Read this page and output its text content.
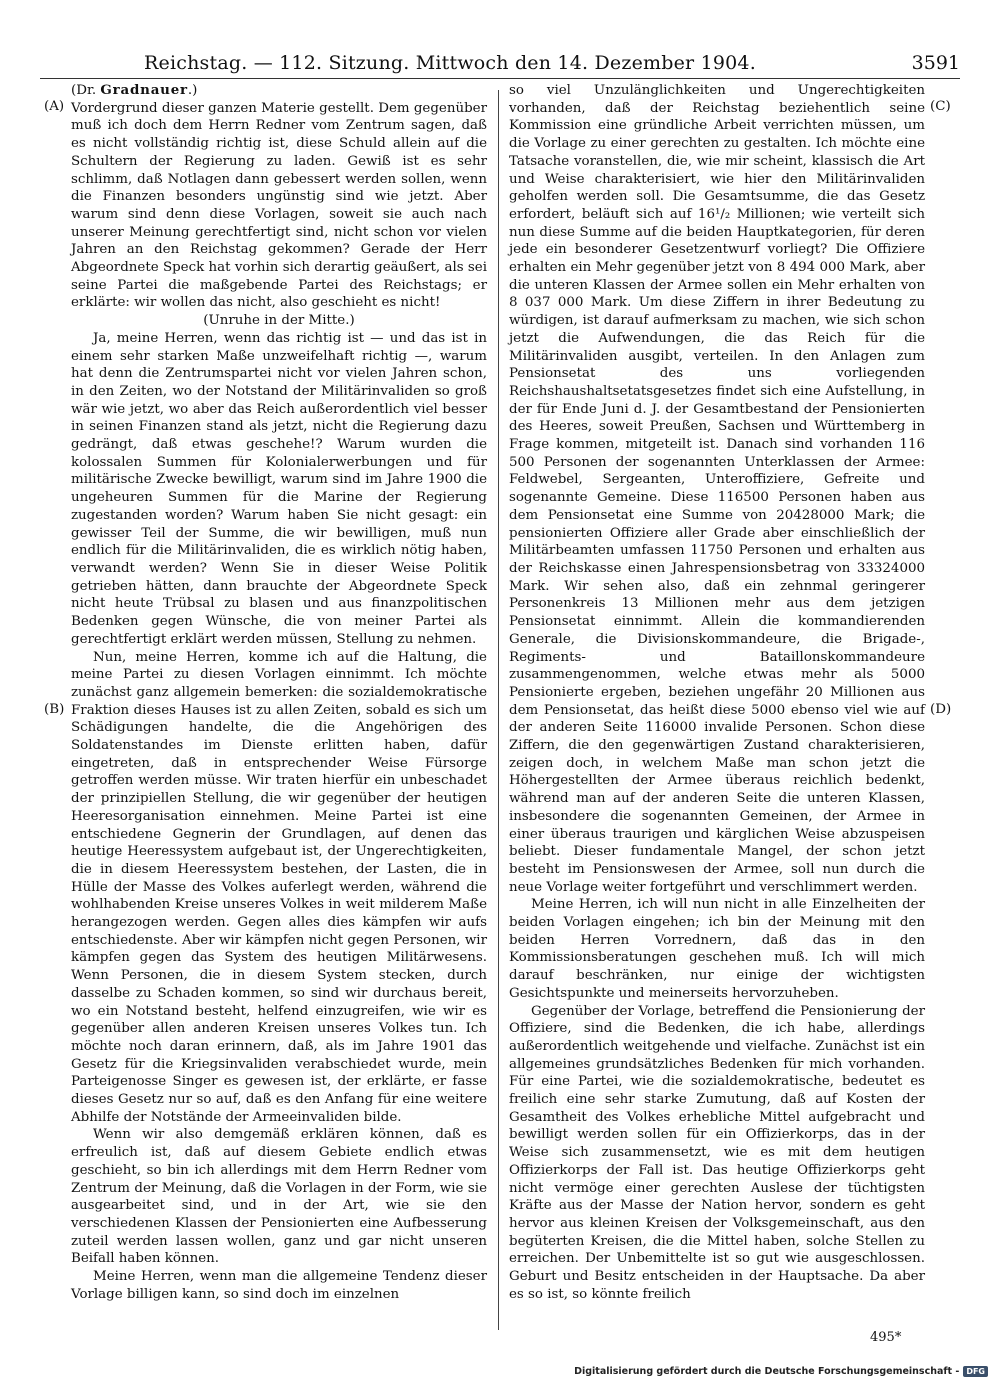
Reichstag. — 112. Sitzung. Mittwoch den 14. Dezember 1904.	3591
(A)
(B)
(C)
(D)

(Dr. Gradnauer.)

Vordergrund dieser ganzen Materie gestellt. Dem gegenüber muß ich doch dem Herrn Redner vom Zentrum sagen, daß es nicht vollständig richtig ist, diese Schuld allein auf die Schultern der Regierung zu laden. Gewiß ist es sehr schlimm, daß Notlagen dann gebessert werden sollen, wenn die Finanzen besonders ungünstig sind wie jetzt. Aber warum sind denn diese Vorlagen, soweit sie auch nach unserer Meinung gerechtfertigt sind, nicht schon vor vielen Jahren an den Reichstag gekommen? Gerade der Herr Abgeordnete Speck hat vorhin sich derartig geäußert, als sei seine Partei die maßgebende Partei des Reichstags; er erklärte: wir wollen das nicht, also geschieht es nicht!

(Unruhe in der Mitte.)

Ja, meine Herren, wenn das richtig ist — und das ist in einem sehr starken Maße unzweifelhaft richtig —, warum hat denn die Zentrumspartei nicht vor vielen Jahren schon, in den Zeiten, wo der Notstand der Militärinvaliden so groß wär wie jetzt, wo aber das Reich außerordentlich viel besser in seinen Finanzen stand als jetzt, nicht die Regierung dazu gedrängt, daß etwas geschehe!? Warum wurden die kolossalen Summen für Kolonialerwerbungen und für militärische Zwecke bewilligt, warum sind im Jahre 1900 die ungeheuren Summen für die Marine der Regierung zugestanden worden? Warum haben Sie nicht gesagt: ein gewisser Teil der Summe, die wir bewilligen, muß nun endlich für die Militärinvaliden, die es wirklich nötig haben, verwandt werden? Wenn Sie in dieser Weise Politik getrieben hätten, dann brauchte der Abgeordnete Speck nicht heute Trübsal zu blasen und aus finanzpolitischen Bedenken gegen Wünsche, die von meiner Partei als gerechtfertigt erklärt werden müssen, Stellung zu nehmen.

Nun, meine Herren, komme ich auf die Haltung, die meine Partei zu diesen Vorlagen einnimmt. Ich möchte zunächst ganz allgemein bemerken: die sozialdemokratische Fraktion dieses Hauses ist zu allen Zeiten, sobald es sich um Schädigungen handelte, die die Angehörigen des Soldatenstandes im Dienste erlitten haben, dafür eingetreten, daß in entsprechender Weise Fürsorge getroffen werden müsse. Wir traten hierfür ein unbeschadet der prinzipiellen Stellung, die wir gegenüber der heutigen Heeresorganisation einnehmen. Meine Partei ist eine entschiedene Gegnerin der Grundlagen, auf denen das heutige Heeressystem aufgebaut ist, der Ungerechtigkeiten, die in diesem Heeressystem bestehen, der Lasten, die in Hülle der Masse des Volkes auferlegt werden, während die wohlhabenden Kreise unseres Volkes in weit milderem Maße herangezogen werden. Gegen alles dies kämpfen wir aufs entschiedenste. Aber wir kämpfen nicht gegen Personen, wir kämpfen gegen das System des heutigen Militärwesens. Wenn Personen, die in diesem System stecken, durch dasselbe zu Schaden kommen, so sind wir durchaus bereit, wo ein Notstand besteht, helfend einzugreifen, wie wir es gegenüber allen anderen Kreisen unseres Volkes tun. Ich möchte noch daran erinnern, daß, als im Jahre 1901 das Gesetz für die Kriegsinvaliden verabschiedet wurde, mein Parteigenosse Singer es gewesen ist, der erklärte, er fasse dieses Gesetz nur so auf, daß es den Anfang für eine weitere Abhilfe der Notstände der Armeeinvaliden bilde.

Wenn wir also demgemäß erklären können, daß es erfreulich ist, daß auf diesem Gebiete endlich etwas geschieht, so bin ich allerdings mit dem Herrn Redner vom Zentrum der Meinung, daß die Vorlagen in der Form, wie sie ausgearbeitet sind, und in der Art, wie sie den verschiedenen Klassen der Pensionierten eine Aufbesserung zuteil werden lassen wollen, ganz und gar nicht unseren Beifall haben können.

Meine Herren, wenn man die allgemeine Tendenz dieser Vorlage billigen kann, so sind doch im einzelnen

so viel Unzulänglichkeiten und Ungerechtigkeiten vorhanden, daß der Reichstag beziehentlich seine Kommission eine gründliche Arbeit verrichten müssen, um die Vorlage zu einer gerechten zu gestalten. Ich möchte eine Tatsache voranstellen, die, wie mir scheint, klassisch die Art und Weise charakterisiert, wie hier den Militärinvaliden geholfen werden soll. Die Gesamtsumme, die das Gesetz erfordert, beläuft sich auf 16¹/₂ Millionen; wie verteilt sich nun diese Summe auf die beiden Hauptkategorien, für deren jede ein besonderer Gesetzentwurf vorliegt? Die Offiziere erhalten ein Mehr gegenüber jetzt von 8 494 000 Mark, aber die unteren Klassen der Armee sollen ein Mehr erhalten von 8 037 000 Mark. Um diese Ziffern in ihrer Bedeutung zu würdigen, ist darauf aufmerksam zu machen, wie sich schon jetzt die Aufwendungen, die das Reich für die Militärinvaliden ausgibt, verteilen. In den Anlagen zum Pensionsetat des uns vorliegenden Reichshaushaltsetatsgesetzes findet sich eine Aufstellung, in der für Ende Juni d. J. der Gesamtbestand der Pensionierten des Heeres, soweit Preußen, Sachsen und Württemberg in Frage kommen, mitgeteilt ist. Danach sind vorhanden 116 500 Personen der sogenannten Unterklassen der Armee: Feldwebel, Sergeanten, Unteroffiziere, Gefreite und sogenannte Gemeine. Diese 116500 Personen haben aus dem Pensionsetat eine Summe von 20428000 Mark; die pensionierten Offiziere aller Grade aber einschließlich der Militärbeamten umfassen 11750 Personen und erhalten aus der Reichskasse einen Jahrespensionsbetrag von 33324000 Mark. Wir sehen also, daß ein zehnmal geringerer Personenkreis 13 Millionen mehr aus dem jetzigen Pensionsetat einnimmt. Allein die kommandierenden Generale, die Divisionskommandeure, die Brigade-, Regiments- und Bataillonskommandeure zusammengenommen, welche etwas mehr als 5000 Pensionierte ergeben, beziehen ungefähr 20 Millionen aus dem Pensionsetat, das heißt diese 5000 ebenso viel wie auf der anderen Seite 116000 invalide Personen. Schon diese Ziffern, die den gegenwärtigen Zustand charakterisieren, zeigen doch, in welchem Maße man schon jetzt die Höhergestellten der Armee überaus reichlich bedenkt, während man auf der anderen Seite die unteren Klassen, insbesondere die sogenannten Gemeinen, der Armee in einer überaus traurigen und kärglichen Weise abzuspeisen beliebt. Dieser fundamentale Mangel, der schon jetzt besteht im Pensionswesen der Armee, soll nun durch die neue Vorlage weiter fortgeführt und verschlimmert werden.

Meine Herren, ich will nun nicht in alle Einzelheiten der beiden Vorlagen eingehen; ich bin der Meinung mit den beiden Herren Vorrednern, daß das in den Kommissionsberatungen geschehen muß. Ich will mich darauf beschränken, nur einige der wichtigsten Gesichtspunkte und meinerseits hervorzuheben.

Gegenüber der Vorlage, betreffend die Pensionierung der Offiziere, sind die Bedenken, die ich habe, allerdings außerordentlich weitgehende und vielfache. Zunächst ist ein allgemeines grundsätzliches Bedenken für mich vorhanden. Für eine Partei, wie die sozialdemokratische, bedeutet es freilich eine sehr starke Zumutung, daß auf Kosten der Gesamtheit des Volkes erhebliche Mittel aufgebracht und bewilligt werden sollen für ein Offizierkorps, das in der Weise sich zusammensetzt, wie es mit dem heutigen Offizierkorps der Fall ist. Das heutige Offizierkorps geht nicht vermöge einer gerechten Auslese der tüchtigsten Kräfte aus der Masse der Nation hervor, sondern es geht hervor aus kleinen Kreisen der Volksgemeinschaft, aus den begüterten Kreisen, die die Mittel haben, solche Stellen zu erreichen. Der Unbemittelte ist so gut wie ausgeschlossen. Geburt und Besitz entscheiden in der Hauptsache. Da aber es so ist, so könnte freilich

495*
Digitalisierung gefördert durch die Deutsche Forschungsgemeinschaft - DFG
